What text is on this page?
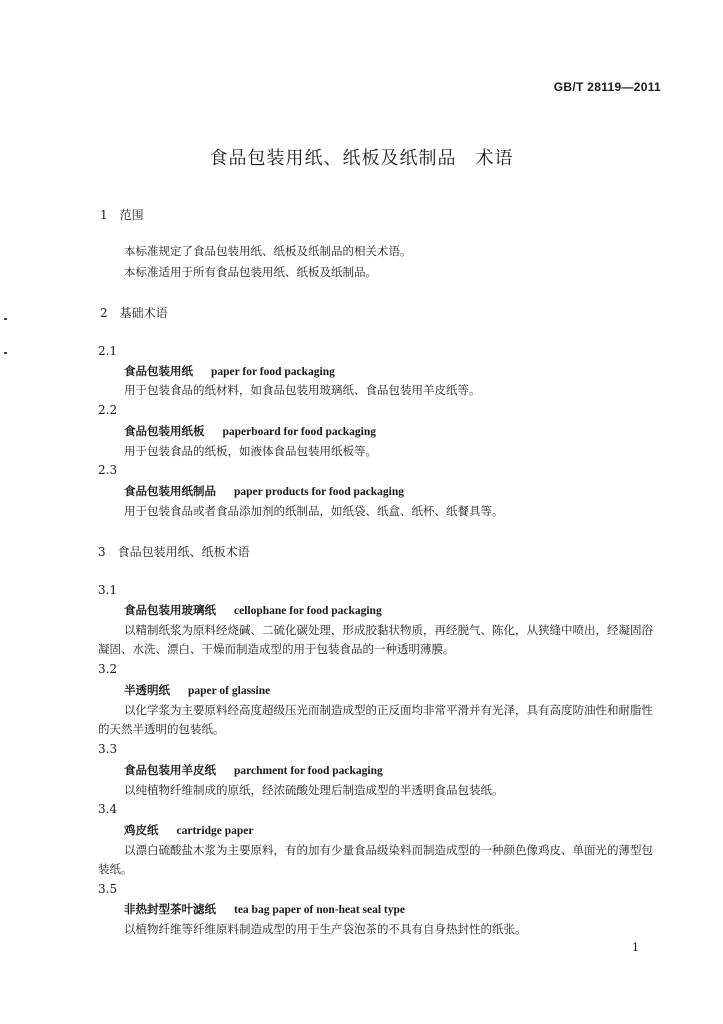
GB/T 28119—2011
食品包装用纸、纸板及纸制品　术语
1　范围
本标准规定了食品包装用纸、纸板及纸制品的相关术语。
本标准适用于所有食品包装用纸、纸板及纸制品。
2　基础术语
2.1
食品包装用纸 paper for food packaging
用于包装食品的纸材料，如食品包装用玻璃纸、食品包装用羊皮纸等。
2.2
食品包装用纸板 paperboard for food packaging
用于包装食品的纸板，如液体食品包装用纸板等。
2.3
食品包装用纸制品 paper products for food packaging
用于包装食品或者食品添加剂的纸制品，如纸袋、纸盒、纸杯、纸餐具等。
3　食品包装用纸、纸板术语
3.1
食品包装用玻璃纸 cellophane for food packaging
以精制纸浆为原料经烧碱、二硫化碳处理，形成胶黏状物质，再经脱气、陈化，从狭缝中喷出，经凝固浴凝固、水洗、漂白、干燥而制造成型的用于包装食品的一种透明薄膜。
3.2
半透明纸 paper of glassine
以化学浆为主要原料经高度超级压光而制造成型的正反面均非常平滑并有光泽，具有高度防油性和耐脂性的天然半透明的包装纸。
3.3
食品包装用羊皮纸 parchment for food packaging
以纯植物纤维制成的原纸，经浓硫酸处理后制造成型的半透明食品包装纸。
3.4
鸡皮纸 cartridge paper
以漂白硫酸盐木浆为主要原料，有的加有少量食品级染料而制造成型的一种颜色像鸡皮、单面光的薄型包装纸。
3.5
非热封型茶叶滤纸 tea bag paper of non-heat seal type
以植物纤维等纤维原料制造成型的用于生产袋泡茶的不具有自身热封性的纸张。
1
